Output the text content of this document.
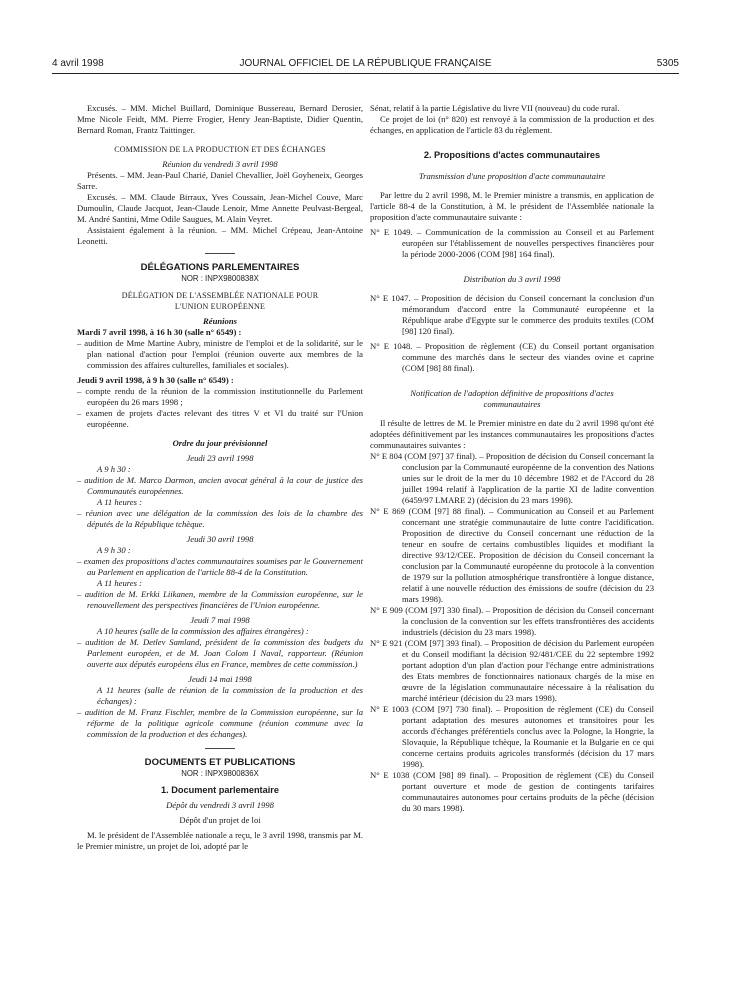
4 avril 1998	JOURNAL OFFICIEL DE LA RÉPUBLIQUE FRANÇAISE	5305

Excusés. – MM. Michel Buillard, Dominique Bussereau, Bernard Derosier, Mme Nicole Feidt, MM. Pierre Frogier, Henry Jean-Baptiste, Didier Quentin, Bernard Roman, Frantz Taittinger.

COMMISSION DE LA PRODUCTION ET DES ÉCHANGES

Réunion du vendredi 3 avril 1998

Présents. – MM. Jean-Paul Charié, Daniel Chevallier, Joël Goyheneix, Georges Sarre.

Excusés. – MM. Claude Birraux, Yves Coussain, Jean-Michel Couve, Marc Dumoulin, Claude Jacquot, Jean-Claude Lenoir, Mme Annette Peulvast-Bergeal, M. André Santini, Mme Odile Saugues, M. Alain Veyret.

Assistaient également à la réunion. – MM. Michel Crépeau, Jean-Antoine Leonetti.

DÉLÉGATIONS PARLEMENTAIRES

NOR : INPX9800838X

DÉLÉGATION DE L'ASSEMBLÉE NATIONALE POUR L'UNION EUROPÉENNE

Réunions

Mardi 7 avril 1998, à 16 h 30 (salle n° 6549) :

– audition de Mme Martine Aubry, ministre de l'emploi et de la solidarité, sur le plan national d'action pour l'emploi (réunion ouverte aux membres de la commission des affaires culturelles, familiales et sociales).

Jeudi 9 avril 1998, à 9 h 30 (salle n° 6549) :

– compte rendu de la réunion de la commission institutionnelle du Parlement européen du 26 mars 1998 ;

– examen de projets d'actes relevant des titres V et VI du traité sur l'Union européenne.

Ordre du jour prévisionnel

Jeudi 23 avril 1998

A 9 h 30 :

– audition de M. Marco Darmon, ancien avocat général à la cour de justice des Communautés européennes.

A 11 heures :

– réunion avec une délégation de la commission des lois de la chambre des députés de la République tchèque.

Jeudi 30 avril 1998

A 9 h 30 :

– examen des propositions d'actes communautaires soumises par le Gouvernement au Parlement en application de l'article 88-4 de la Constitution.

A 11 heures :

– audition de M. Erkki Liikanen, membre de la Commission européenne, sur le renouvellement des perspectives financières de l'Union européenne.

Jeudi 7 mai 1998

A 10 heures (salle de la commission des affaires étrangères) :

– audition de M. Detlev Samland, président de la commission des budgets du Parlement européen, et de M. Joan Colom I Naval, rapporteur. (Réunion ouverte aux députés européens élus en France, membres de cette commission.)

Jeudi 14 mai 1998

A 11 heures (salle de réunion de la commission de la production et des échanges) :

– audition de M. Franz Fischler, membre de la Commission européenne, sur la réforme de la politique agricole commune (réunion commune avec la commission de la production et des échanges).

DOCUMENTS ET PUBLICATIONS

NOR : INPX9800836X

1. Document parlementaire

Dépôt du vendredi 3 avril 1998

Dépôt d'un projet de loi

M. le président de l'Assemblée nationale a reçu, le 3 avril 1998, transmis par M. le Premier ministre, un projet de loi, adopté par le

Sénat, relatif à la partie Législative du livre VII (nouveau) du code rural.

Ce projet de loi (n° 820) est renvoyé à la commission de la production et des échanges, en application de l'article 83 du règlement.

2. Propositions d'actes communautaires

Transmission d'une proposition d'acte communautaire

Par lettre du 2 avril 1998, M. le Premier ministre a transmis, en application de l'article 88-4 de la Constitution, à M. le président de l'Assemblée nationale la proposition d'acte communautaire suivante :

N° E 1049. – Communication de la commission au Conseil et au Parlement européen sur l'établissement de nouvelles perspectives financières pour la période 2000-2006 (COM [98] 164 final).

Distribution du 3 avril 1998

N° E 1047. – Proposition de décision du Conseil concernant la conclusion d'un mémorandum d'accord entre la Communauté européenne et la République arabe d'Egypte sur le commerce des produits textiles (COM [98] 120 final).

N° E 1048. – Proposition de règlement (CE) du Conseil portant organisation commune des marchés dans le secteur des viandes ovine et caprine (COM [98] 88 final).

Notification de l'adoption définitive de propositions d'actes communautaires

Il résulte de lettres de M. le Premier ministre en date du 2 avril 1998 qu'ont été adoptées définitivement par les instances communautaires les propositions d'actes communautaires suivantes :

N° E 804 (COM [97] 37 final). – Proposition de décision du Conseil concernant la conclusion par la Communauté européenne de la convention des Nations unies sur le droit de la mer du 10 décembre 1982 et de l'Accord du 28 juillet 1994 relatif à l'application de la partie XI de ladite convention (6459/97 LMARE 2) (décision du 23 mars 1998).

N° E 869 (COM [97] 88 final). – Communication au Conseil et au Parlement concernant une stratégie communautaire de lutte contre l'acidification. Proposition de directive du Conseil concernant une réduction de la teneur en soufre de certains combustibles liquides et modifiant la directive 93/12/CEE. Proposition de décision du Conseil concernant la conclusion par la Communauté européenne du protocole à la convention de 1979 sur la pollution atmosphérique transfrontière à longue distance, relatif à une nouvelle réduction des émissions de soufre (décision du 23 mars 1998).

N° E 909 (COM [97] 330 final). – Proposition de décision du Conseil concernant la conclusion de la convention sur les effets transfrontières des accidents industriels (décision du 23 mars 1998).

N° E 921 (COM [97] 393 final). – Proposition de décision du Parlement européen et du Conseil modifiant la décision 92/481/CEE du 22 septembre 1992 portant adoption d'un plan d'action pour l'échange entre administrations des Etats membres de fonctionnaires nationaux chargés de la mise en œuvre de la législation communautaire nécessaire à la réalisation du marché intérieur (décision du 23 mars 1998).

N° E 1003 (COM [97] 730 final). – Proposition de règlement (CE) du Conseil portant adaptation des mesures autonomes et transitoires pour les accords d'échanges préférentiels conclus avec la Pologne, la Hongrie, la Slovaquie, la République tchèque, la Roumanie et la Bulgarie en ce qui concerne certains produits agricoles transformés (décision du 17 mars 1998).

N° E 1038 (COM [98] 89 final). – Proposition de règlement (CE) du Conseil portant ouverture et mode de gestion de contingents tarifaires communautaires autonomes pour certains produits de la pêche (décision du 30 mars 1998).
